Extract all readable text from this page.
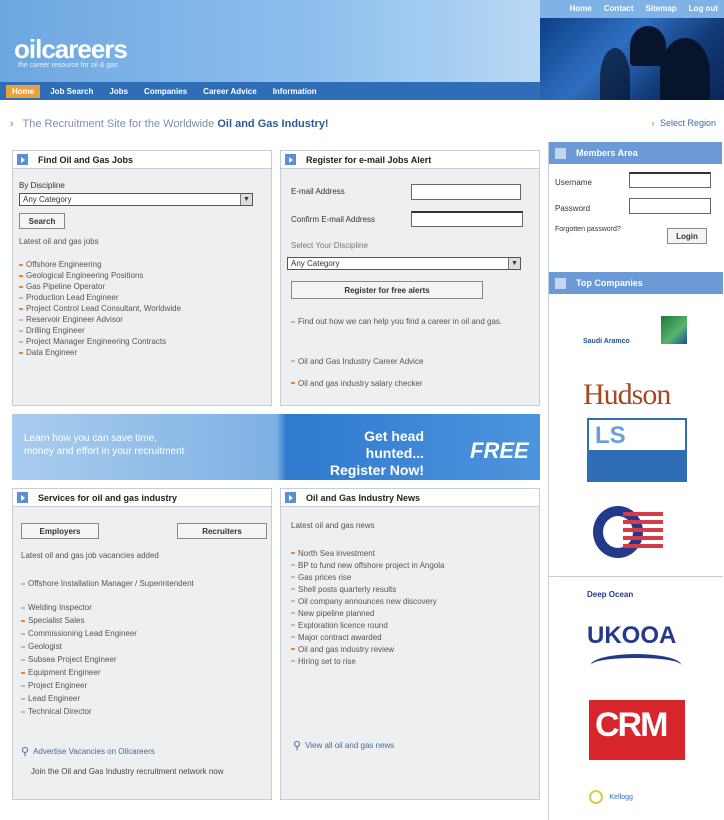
oilcareers
the career resource for oil & gas
Home	Job Search	Jobs	Companies	Career Advice	Information
Home Contact Sitemap Log out
› The Recruitment Site for the Worldwide Oil and Gas Industry!	› Select Region
Find Oil and Gas Jobs
By Discipline
Any Category	▼
Search
Latest oil and gas jobs
Offshore Engineering
Geological Engineering Positions
Gas Pipeline Operator
Production Lead Engineer
Project Control Lead Consultant, Worldwide
Reservoir Engineer Advisor
Drilling Engineer
Project Manager Engineering Contracts
Data Engineer
Register for e-mail Jobs Alert
E-mail Address
Confirm E-mail Address
Select Your Discipline
Any Category	▼
Register for free alerts
Find out how we can help you find a career in oil and gas.
Oil and Gas Industry Career Advice
Oil and gas industry salary checker
Learn how you can save time,
money and effort in your recruitment
Get head hunted...
Register Now!
FREE
Services for oil and gas industry
Employers	Recruiters
Latest oil and gas job vacancies added
Offshore Installation Manager / Superintendent
Welding Inspector
Specialist Sales
Commissioning Lead Engineer
Geologist
Subsea Project Engineer
Equipment Engineer
Project Engineer
Lead Engineer
Technical Director
⚲ Advertise Vacancies on Oilcareers
Join the Oil and Gas Industry recruitment network now
Oil and Gas Industry News
Latest oil and gas news
North Sea investment
BP to fund new offshore project in Angola
Gas prices rise
Shell posts quarterly results
Oil company announces new discovery
New pipeline planned
Exploration licence round
Major contract awarded
Oil and gas industry review
Hiring set to rise
⚲ View all oil and gas news
Members Area
Username
Password
Forgotten password?
Login
Top Companies
Saudi Aramco
Hudson
LS
Deep Ocean
UKOOA
CRM
Kellogg
